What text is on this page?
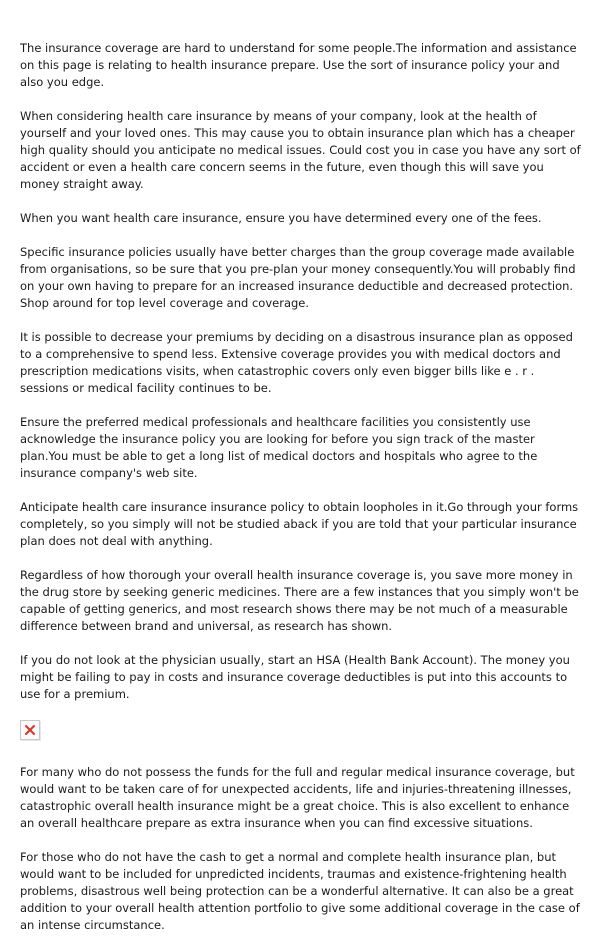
The insurance coverage are hard to understand for some people.The information and assistance on this page is relating to health insurance prepare. Use the sort of insurance policy your and also you edge.

When considering health care insurance by means of your company, look at the health of yourself and your loved ones. This may cause you to obtain insurance plan which has a cheaper high quality should you anticipate no medical issues. Could cost you in case you have any sort of accident or even a health care concern seems in the future, even though this will save you money straight away.

When you want health care insurance, ensure you have determined every one of the fees.

Specific insurance policies usually have better charges than the group coverage made available from organisations, so be sure that you pre-plan your money consequently.You will probably find on your own having to prepare for an increased insurance deductible and decreased protection. Shop around for top level coverage and coverage.

It is possible to decrease your premiums by deciding on a disastrous insurance plan as opposed to a comprehensive to spend less. Extensive coverage provides you with medical doctors and prescription medications visits, when catastrophic covers only even bigger bills like e . r . sessions or medical facility continues to be.

Ensure the preferred medical professionals and healthcare facilities you consistently use acknowledge the insurance policy you are looking for before you sign track of the master plan.You must be able to get a long list of medical doctors and hospitals who agree to the insurance company's web site.

Anticipate health care insurance insurance policy to obtain loopholes in it.Go through your forms completely, so you simply will not be studied aback if you are told that your particular insurance plan does not deal with anything.

Regardless of how thorough your overall health insurance coverage is, you save more money in the drug store by seeking generic medicines. There are a few instances that you simply won't be capable of getting generics, and most research shows there may be not much of a measurable difference between brand and universal, as research has shown.

If you do not look at the physician usually, start an HSA (Health Bank Account). The money you might be failing to pay in costs and insurance coverage deductibles is put into this accounts to use for a premium.

For many who do not possess the funds for the full and regular medical insurance coverage, but would want to be taken care of for unexpected accidents, life and injuries-threatening illnesses, catastrophic overall health insurance might be a great choice. This is also excellent to enhance an overall healthcare prepare as extra insurance when you can find excessive situations.

For those who do not have the cash to get a normal and complete health insurance plan, but would want to be included for unpredicted incidents, traumas and existence-frightening health problems, disastrous well being protection can be a wonderful alternative. It can also be a great addition to your overall health attention portfolio to give some additional coverage in the case of an intense circumstance.
